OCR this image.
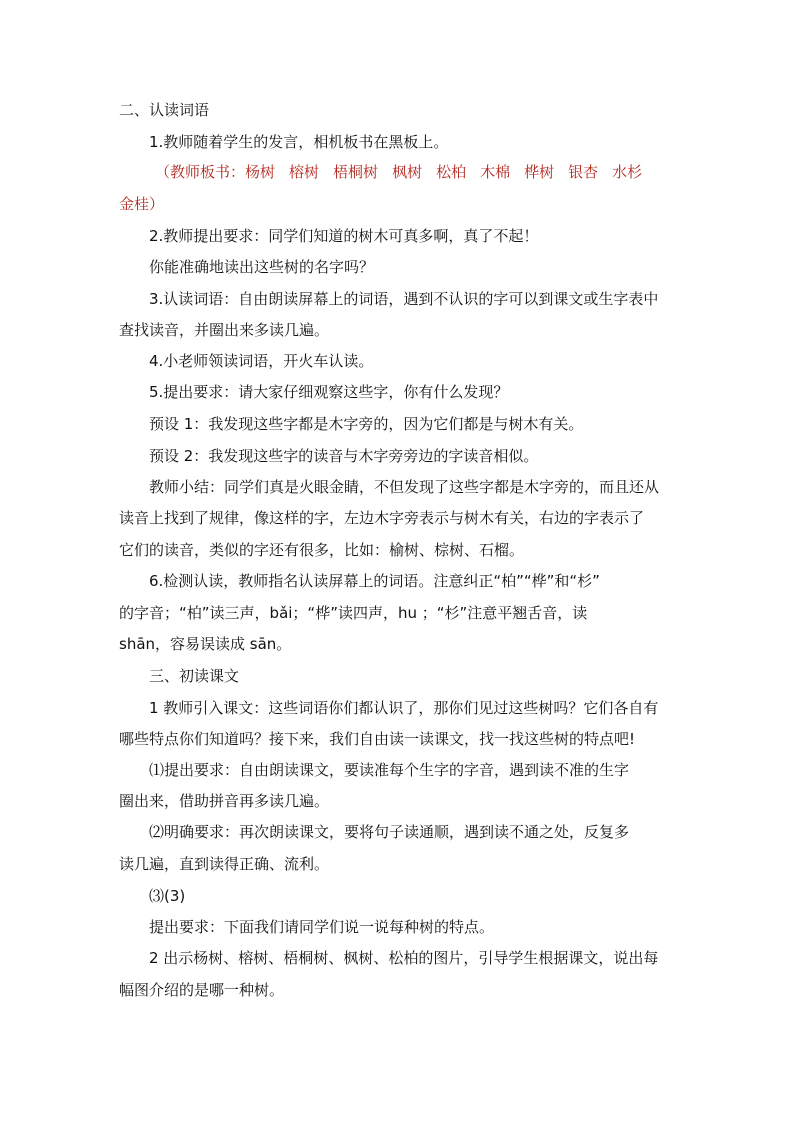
二、认读词语
1.教师随着学生的发言，相机板书在黑板上。
（教师板书：杨树 榕树 梧桐树 枫树 松柏 木棉 桦树 银杏 水杉
金桂）
2.教师提出要求：同学们知道的树木可真多啊，真了不起！
你能准确地读出这些树的名字吗？
3.认读词语：自由朗读屏幕上的词语，遇到不认识的字可以到课文或生字表中
查找读音，并圈出来多读几遍。
4.小老师领读词语，开火车认读。
5.提出要求：请大家仔细观察这些字，你有什么发现？
预设 1：我发现这些字都是木字旁的，因为它们都是与树木有关。
预设 2：我发现这些字的读音与木字旁旁边的字读音相似。
教师小结：同学们真是火眼金睛，不但发现了这些字都是木字旁的，而且还从
读音上找到了规律，像这样的字，左边木字旁表示与树木有关，右边的字表示了
它们的读音，类似的字还有很多，比如：榆树、棕树、石榴。
6.检测认读，教师指名认读屏幕上的词语。注意纠正“柏”“桦”和“杉”
的字音；“柏”读三声，bǎi；“桦”读四声，hu ；“杉”注意平翘舌音，读
shān，容易误读成 sān。
三、初读课文
1 教师引入课文：这些词语你们都认识了，那你们见过这些树吗？它们各自有
哪些特点你们知道吗？接下来，我们自由读一读课文，找一找这些树的特点吧!
⑴提出要求：自由朗读课文，要读准每个生字的字音，遇到读不准的生字
圈出来，借助拼音再多读几遍。
⑵明确要求：再次朗读课文，要将句子读通顺，遇到读不通之处，反复多
读几遍，直到读得正确、流利。
⑶(3)
提出要求：下面我们请同学们说一说每种树的特点。
2 出示杨树、榕树、梧桐树、枫树、松柏的图片，引导学生根据课文，说出每
幅图介绍的是哪一种树。
